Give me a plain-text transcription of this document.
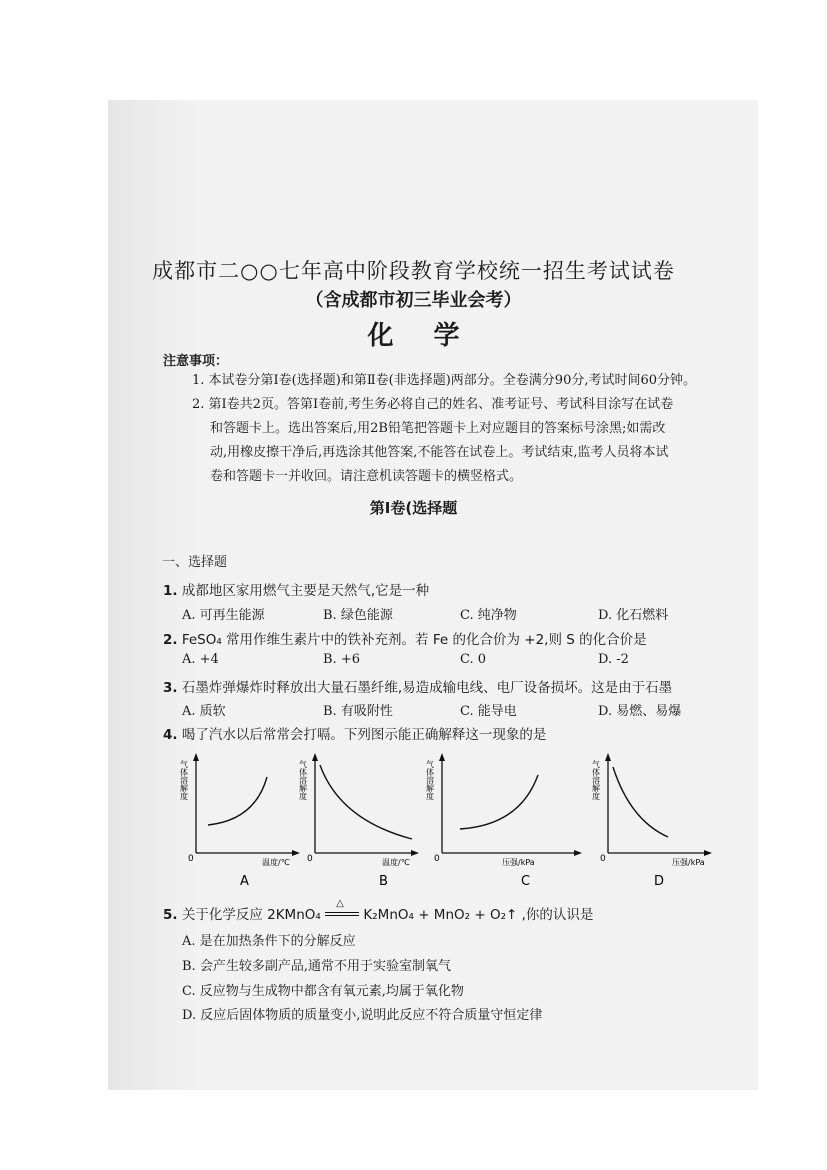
成都市二○○七年高中阶段教育学校统一招生考试试卷
（含成都市初三毕业会考）
化学
注意事项：
1. 本试卷分第Ⅰ卷(选择题)和第Ⅱ卷(非选择题)两部分。全卷满分90分,考试时间60分钟。
2. 第Ⅰ卷共2页。答第Ⅰ卷前,考生务必将自己的姓名、准考证号、考试科目涂写在试卷
和答题卡上。选出答案后,用2B铅笔把答题卡上对应题目的答案标号涂黑;如需改
动,用橡皮擦干净后,再选涂其他答案,不能答在试卷上。考试结束,监考人员将本试
卷和答题卡一并收回。请注意机读答题卡的横竖格式。
第Ⅰ卷(选择题
一、选择题
1. 成都地区家用燃气主要是天然气,它是一种
A. 可再生能源	B. 绿色能源	C. 纯净物	D. 化石燃料
2. FeSO₄ 常用作维生素片中的铁补充剂。若 Fe 的化合价为 +2,则 S 的化合价是
A. +4	B. +6	C. 0	D. -2
3. 石墨炸弹爆炸时释放出大量石墨纤维,易造成输电线、电厂设备损坏。这是由于石墨
A. 质软	B. 有吸附性	C. 能导电	D. 易燃、易爆
4. 喝了汽水以后常常会打嗝。下列图示能正确解释这一现象的是
气体溶解度
0	温度/℃
A
气体溶解度
0	温度/℃
B
气体溶解度
0	压强/kPa
C
气体溶解度
0	压强/kPa
D
5. 关于化学反应 2KMnO₄
△
K₂MnO₄ + MnO₂ + O₂↑ ,你的认识是
A. 是在加热条件下的分解反应
B. 会产生较多副产品,通常不用于实验室制氧气
C. 反应物与生成物中都含有氧元素,均属于氧化物
D. 反应后固体物质的质量变小,说明此反应不符合质量守恒定律
